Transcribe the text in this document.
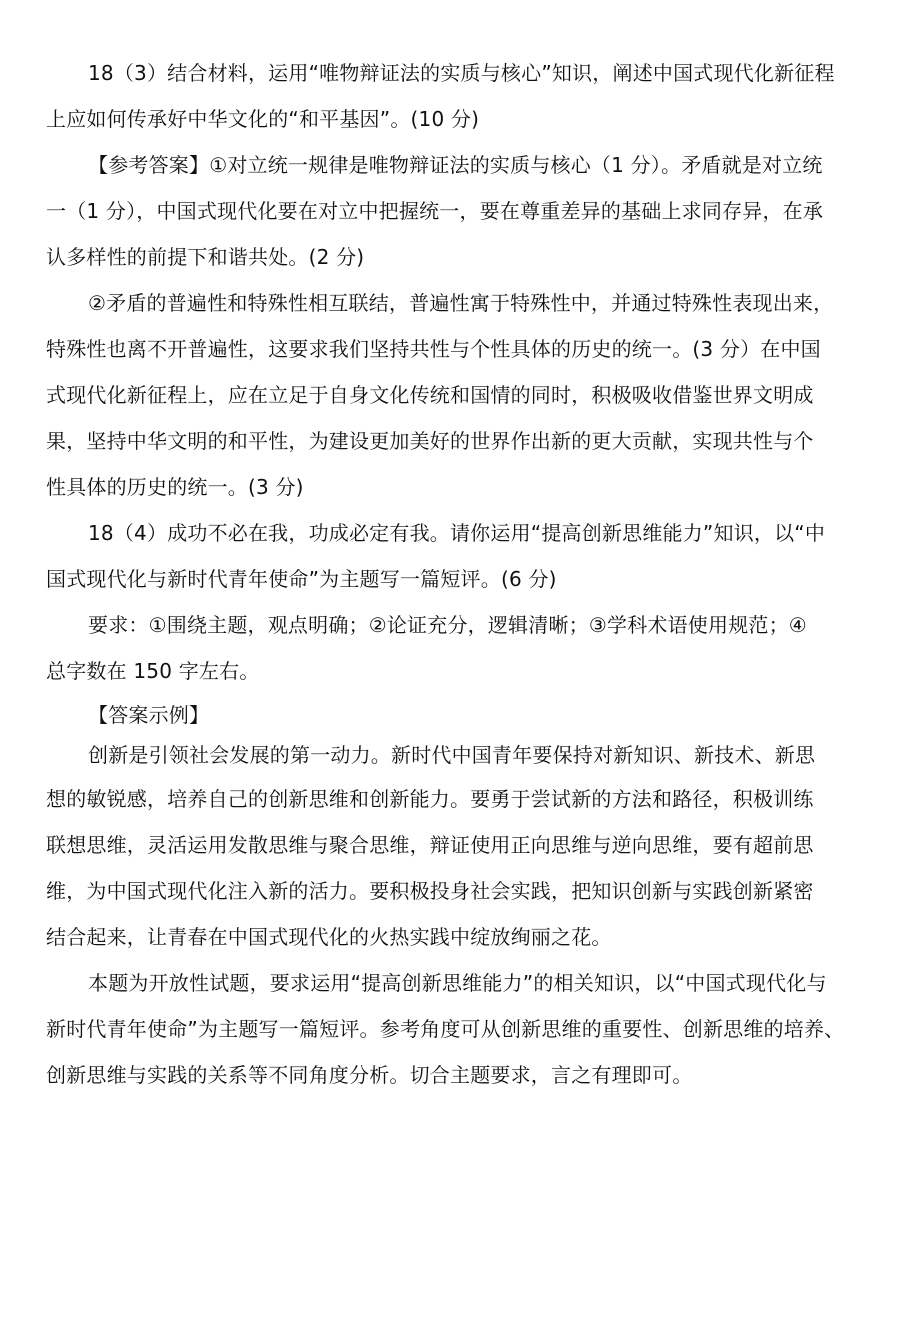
18（3）结合材料，运用“唯物辩证法的实质与核心”知识，阐述中国式现代化新征程
上应如何传承好中华文化的“和平基因”。(10 分)
【参考答案】①对立统一规律是唯物辩证法的实质与核心（1 分）。矛盾就是对立统
一（1 分），中国式现代化要在对立中把握统一，要在尊重差异的基础上求同存异，在承
认多样性的前提下和谐共处。(2 分)
②矛盾的普遍性和特殊性相互联结，普遍性寓于特殊性中，并通过特殊性表现出来，
特殊性也离不开普遍性，这要求我们坚持共性与个性具体的历史的统一。(3 分）在中国
式现代化新征程上，应在立足于自身文化传统和国情的同时，积极吸收借鉴世界文明成
果，坚持中华文明的和平性，为建设更加美好的世界作出新的更大贡献，实现共性与个
性具体的历史的统一。(3 分)
18（4）成功不必在我，功成必定有我。请你运用“提高创新思维能力”知识，以“中
国式现代化与新时代青年使命”为主题写一篇短评。(6 分)
要求：①围绕主题，观点明确；②论证充分，逻辑清晰；③学科术语使用规范；④
总字数在 150 字左右。
【答案示例】
创新是引领社会发展的第一动力。新时代中国青年要保持对新知识、新技术、新思
想的敏锐感，培养自己的创新思维和创新能力。要勇于尝试新的方法和路径，积极训练
联想思维，灵活运用发散思维与聚合思维，辩证使用正向思维与逆向思维，要有超前思
维，为中国式现代化注入新的活力。要积极投身社会实践，把知识创新与实践创新紧密
结合起来，让青春在中国式现代化的火热实践中绽放绚丽之花。
本题为开放性试题，要求运用“提高创新思维能力”的相关知识，以“中国式现代化与
新时代青年使命”为主题写一篇短评。参考角度可从创新思维的重要性、创新思维的培养、
创新思维与实践的关系等不同角度分析。切合主题要求，言之有理即可。
